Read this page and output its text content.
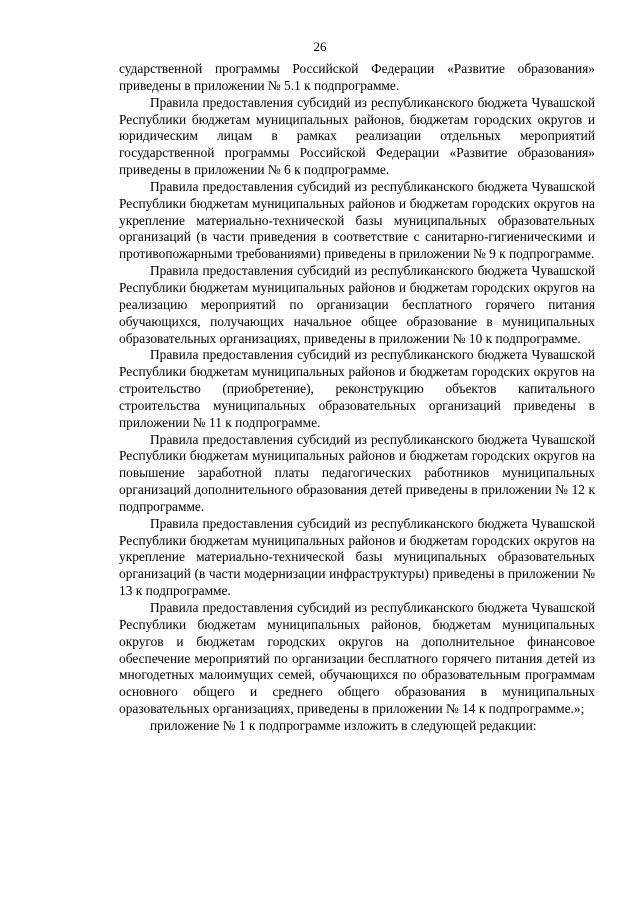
26

сударственной программы Российской Федерации «Развитие образования» приведены в приложении № 5.1 к подпрограмме.

Правила предоставления субсидий из республиканского бюджета Чувашской Республики бюджетам муниципальных районов, бюджетам городских округов и юридическим лицам в рамках реализации отдельных мероприятий государственной программы Российской Федерации «Развитие образования» приведены в приложении № 6 к подпрограмме.

Правила предоставления субсидий из республиканского бюджета Чувашской Республики бюджетам муниципальных районов и бюджетам городских округов на укрепление материально-технической базы муниципальных образовательных организаций (в части приведения в соответствие с санитарно-гигиеническими и противопожарными требованиями) приведены в приложении № 9 к подпрограмме.

Правила предоставления субсидий из республиканского бюджета Чувашской Республики бюджетам муниципальных районов и бюджетам городских округов на реализацию мероприятий по организации бесплатного горячего питания обучающихся, получающих начальное общее образование в муниципальных образовательных организациях, приведены в приложении № 10 к подпрограмме.

Правила предоставления субсидий из республиканского бюджета Чувашской Республики бюджетам муниципальных районов и бюджетам городских округов на строительство (приобретение), реконструкцию объектов капитального строительства муниципальных образовательных организаций приведены в приложении № 11 к подпрограмме.

Правила предоставления субсидий из республиканского бюджета Чувашской Республики бюджетам муниципальных районов и бюджетам городских округов на повышение заработной платы педагогических работников муниципальных организаций дополнительного образования детей приведены в приложении № 12 к подпрограмме.

Правила предоставления субсидий из республиканского бюджета Чувашской Республики бюджетам муниципальных районов и бюджетам городских округов на укрепление материально-технической базы муниципальных образовательных организаций (в части модернизации инфраструктуры) приведены в приложении № 13 к подпрограмме.

Правила предоставления субсидий из республиканского бюджета Чувашской Республики бюджетам муниципальных районов, бюджетам муниципальных округов и бюджетам городских округов на дополнительное финансовое обеспечение мероприятий по организации бесплатного горячего питания детей из многодетных малоимущих семей, обучающихся по образовательным программам основного общего и среднего общего образования в муниципальных оразовательных организациях, приведены в приложении № 14 к подпрограмме.»;

приложение № 1 к подпрограмме изложить в следующей редакции:
